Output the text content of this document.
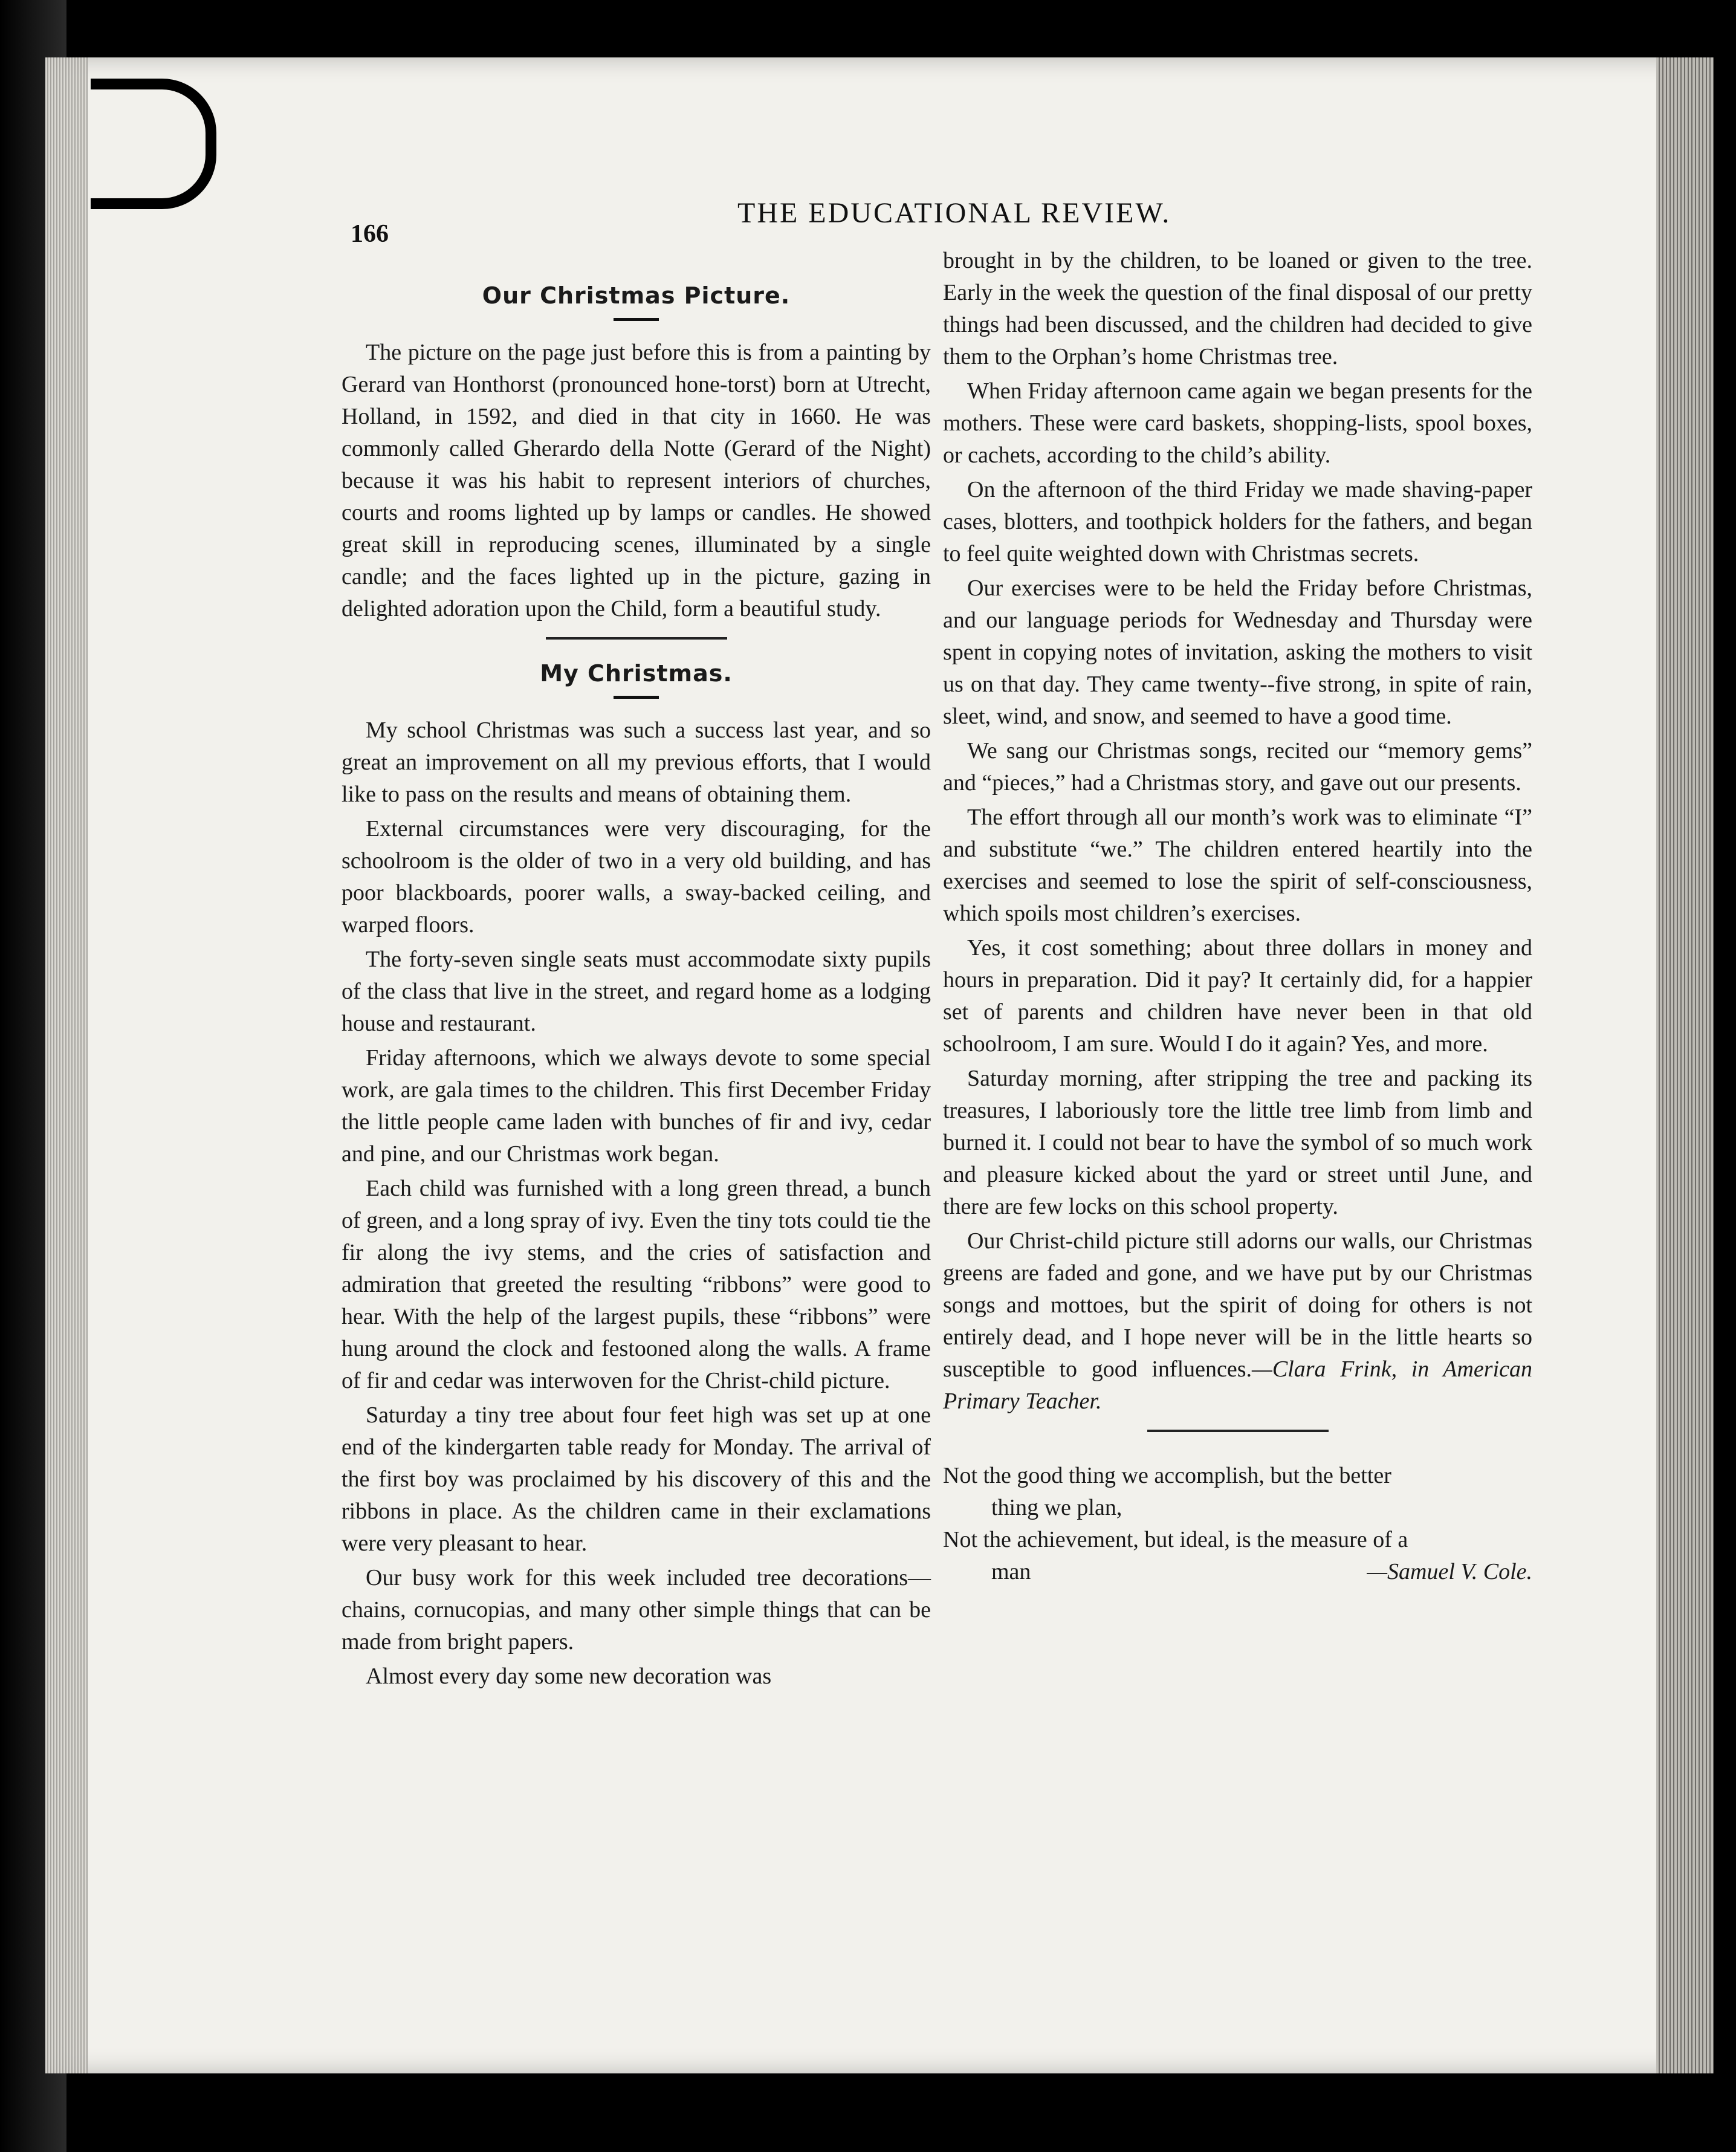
166
THE EDUCATIONAL REVIEW.
Our Christmas Picture.

The picture on the page just before this is from a painting by Gerard van Honthorst (pronounced hone-torst) born at Utrecht, Holland, in 1592, and died in that city in 1660. He was commonly called Gherardo della Notte (Gerard of the Night) because it was his habit to represent interiors of churches, courts and rooms lighted up by lamps or candles. He showed great skill in reproducing scenes, illuminated by a single candle; and the faces lighted up in the picture, gazing in delighted adoration upon the Child, form a beautiful study.

My Christmas.

My school Christmas was such a success last year, and so great an improvement on all my previous efforts, that I would like to pass on the results and means of obtaining them.

External circumstances were very discouraging, for the schoolroom is the older of two in a very old building, and has poor blackboards, poorer walls, a sway-backed ceiling, and warped floors.

The forty-seven single seats must accommodate sixty pupils of the class that live in the street, and regard home as a lodging house and restaurant.

Friday afternoons, which we always devote to some special work, are gala times to the children. This first December Friday the little people came laden with bunches of fir and ivy, cedar and pine, and our Christmas work began.

Each child was furnished with a long green thread, a bunch of green, and a long spray of ivy. Even the tiny tots could tie the fir along the ivy stems, and the cries of satisfaction and admiration that greeted the resulting “ribbons” were good to hear. With the help of the largest pupils, these “ribbons” were hung around the clock and festooned along the walls. A frame of fir and cedar was interwoven for the Christ-child picture.

Saturday a tiny tree about four feet high was set up at one end of the kindergarten table ready for Monday. The arrival of the first boy was proclaimed by his discovery of this and the ribbons in place. As the children came in their exclamations were very pleasant to hear.

Our busy work for this week included tree decorations—chains, cornucopias, and many other simple things that can be made from bright papers.

Almost every day some new decoration was

brought in by the children, to be loaned or given to the tree. Early in the week the question of the final disposal of our pretty things had been discussed, and the children had decided to give them to the Orphan’s home Christmas tree.

When Friday afternoon came again we began presents for the mothers. These were card baskets, shopping-lists, spool boxes, or cachets, according to the child’s ability.

On the afternoon of the third Friday we made shaving-paper cases, blotters, and toothpick holders for the fathers, and began to feel quite weighted down with Christmas secrets.

Our exercises were to be held the Friday before Christmas, and our language periods for Wednesday and Thursday were spent in copying notes of invitation, asking the mothers to visit us on that day. They came twenty--five strong, in spite of rain, sleet, wind, and snow, and seemed to have a good time.

We sang our Christmas songs, recited our “memory gems” and “pieces,” had a Christmas story, and gave out our presents.

The effort through all our month’s work was to eliminate “I” and substitute “we.” The children entered heartily into the exercises and seemed to lose the spirit of self-consciousness, which spoils most children’s exercises.

Yes, it cost something; about three dollars in money and hours in preparation. Did it pay? It certainly did, for a happier set of parents and children have never been in that old schoolroom, I am sure. Would I do it again? Yes, and more.

Saturday morning, after stripping the tree and packing its treasures, I laboriously tore the little tree limb from limb and burned it. I could not bear to have the symbol of so much work and pleasure kicked about the yard or street until June, and there are few locks on this school property.

Our Christ-child picture still adorns our walls, our Christmas greens are faded and gone, and we have put by our Christmas songs and mottoes, but the spirit of doing for others is not entirely dead, and I hope never will be in the little hearts so susceptible to good influences.—Clara Frink, in American Primary Teacher.

Not the good thing we accomplish, but the better
thing we plan,
Not the achievement, but ideal, is the measure of a
man	—Samuel V. Cole.
